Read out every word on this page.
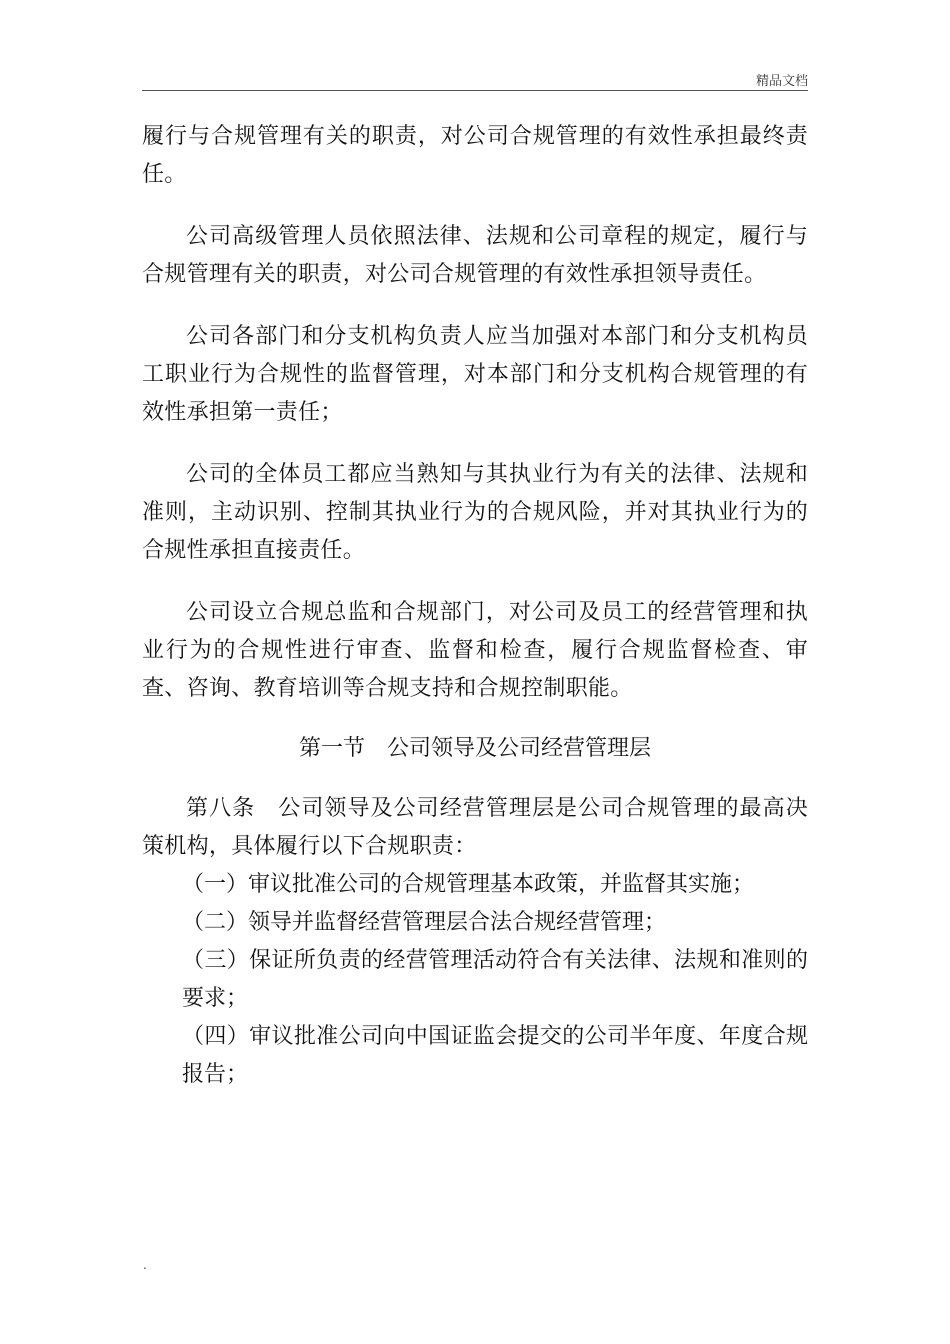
精品文档

履行与合规管理有关的职责，对公司合规管理的有效性承担最终责任。

公司高级管理人员依照法律、法规和公司章程的规定，履行与合规管理有关的职责，对公司合规管理的有效性承担领导责任。

公司各部门和分支机构负责人应当加强对本部门和分支机构员工职业行为合规性的监督管理，对本部门和分支机构合规管理的有效性承担第一责任；

公司的全体员工都应当熟知与其执业行为有关的法律、法规和准则，主动识别、控制其执业行为的合规风险，并对其执业行为的合规性承担直接责任。

公司设立合规总监和合规部门，对公司及员工的经营管理和执业行为的合规性进行审查、监督和检查，履行合规监督检查、审查、咨询、教育培训等合规支持和合规控制职能。

第一节　公司领导及公司经营管理层

第八条　公司领导及公司经营管理层是公司合规管理的最高决策机构，具体履行以下合规职责：

（一）审议批准公司的合规管理基本政策，并监督其实施；

（二）领导并监督经营管理层合法合规经营管理；

（三）保证所负责的经营管理活动符合有关法律、法规和准则的要求；

（四）审议批准公司向中国证监会提交的公司半年度、年度合规报告；

.
